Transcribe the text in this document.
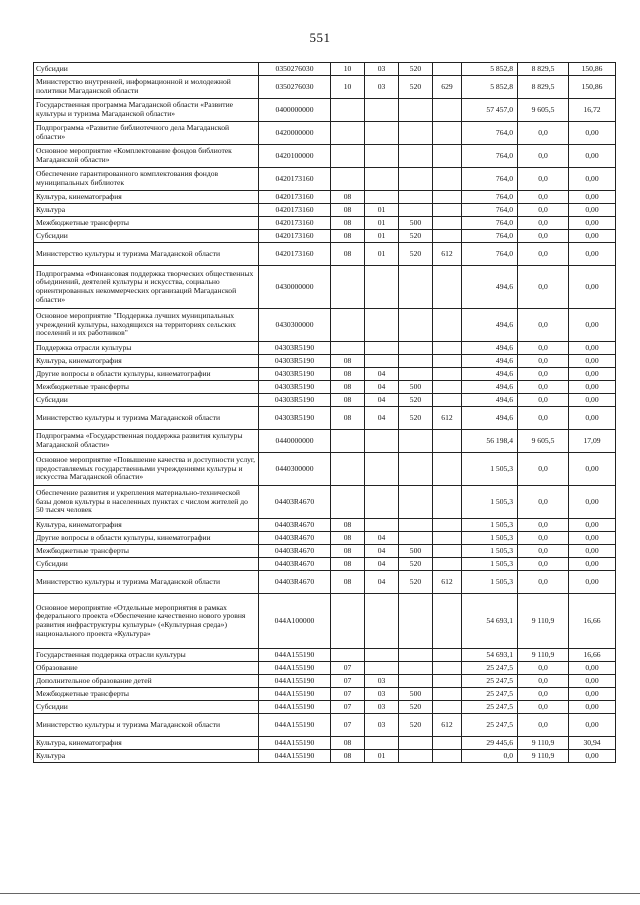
551
Субсидии	0350276030	10	03	520		5 852,8	8 829,5	150,86
Министерство внутренней, информационной и молодежной политики Магаданской области	0350276030	10	03	520	629	5 852,8	8 829,5	150,86
Государственная программа Магаданской области «Развитие культуры и туризма Магаданской области»	0400000000					57 457,0	9 605,5	16,72
Подпрограмма «Развитие библиотечного дела Магаданской области»	0420000000					764,0	0,0	0,00
Основное мероприятие «Комплектование фондов библиотек Магаданской области»	0420100000					764,0	0,0	0,00
Обеспечение гарантированного комплектования фондов муниципальных библиотек	0420173160					764,0	0,0	0,00
Культура, кинематография	0420173160	08				764,0	0,0	0,00
Культура	0420173160	08	01			764,0	0,0	0,00
Межбюджетные трансферты	0420173160	08	01	500		764,0	0,0	0,00
Субсидии	0420173160	08	01	520		764,0	0,0	0,00
Министерство культуры и туризма Магаданской области	0420173160	08	01	520	612	764,0	0,0	0,00
Подпрограмма «Финансовая поддержка творческих общественных объединений, деятелей культуры и искусства, социально ориентированных некоммерческих организаций Магаданской области»	0430000000					494,6	0,0	0,00
Основное мероприятие "Поддержка лучших муниципальных учреждений культуры, находящихся на территориях сельских поселений и их работников"	0430300000					494,6	0,0	0,00
Поддержка отрасли культуры	04303R5190					494,6	0,0	0,00
Культура, кинематография	04303R5190	08				494,6	0,0	0,00
Другие вопросы в области культуры, кинематографии	04303R5190	08	04			494,6	0,0	0,00
Межбюджетные трансферты	04303R5190	08	04	500		494,6	0,0	0,00
Субсидии	04303R5190	08	04	520		494,6	0,0	0,00
Министерство культуры и туризма Магаданской области	04303R5190	08	04	520	612	494,6	0,0	0,00
Подпрограмма «Государственная поддержка развития культуры Магаданской области»	0440000000					56 198,4	9 605,5	17,09
Основное мероприятие «Повышение качества и доступности услуг, предоставляемых государственными учреждениями культуры и искусства Магаданской области»	0440300000					1 505,3	0,0	0,00
Обеспечение развития и укрепления материально-технической базы домов культуры в населенных пунктах с числом жителей до 50 тысяч человек	04403R4670					1 505,3	0,0	0,00
Культура, кинематография	04403R4670	08				1 505,3	0,0	0,00
Другие вопросы в области культуры, кинематографии	04403R4670	08	04			1 505,3	0,0	0,00
Межбюджетные трансферты	04403R4670	08	04	500		1 505,3	0,0	0,00
Субсидии	04403R4670	08	04	520		1 505,3	0,0	0,00
Министерство культуры и туризма Магаданской области	04403R4670	08	04	520	612	1 505,3	0,0	0,00
Основное мероприятие «Отдельные мероприятия в рамках федерального проекта «Обеспечение качественно нового уровня развития инфраструктуры культуры» («Культурная среда») национального проекта «Культура»	044A100000					54 693,1	9 110,9	16,66
Государственная поддержка отрасли культуры	044A155190					54 693,1	9 110,9	16,66
Образование	044A155190	07				25 247,5	0,0	0,00
Дополнительное образование детей	044A155190	07	03			25 247,5	0,0	0,00
Межбюджетные трансферты	044A155190	07	03	500		25 247,5	0,0	0,00
Субсидии	044A155190	07	03	520		25 247,5	0,0	0,00
Министерство культуры и туризма Магаданской области	044A155190	07	03	520	612	25 247,5	0,0	0,00
Культура, кинематография	044A155190	08				29 445,6	9 110,9	30,94
Культура	044A155190	08	01			0,0	9 110,9	0,00
